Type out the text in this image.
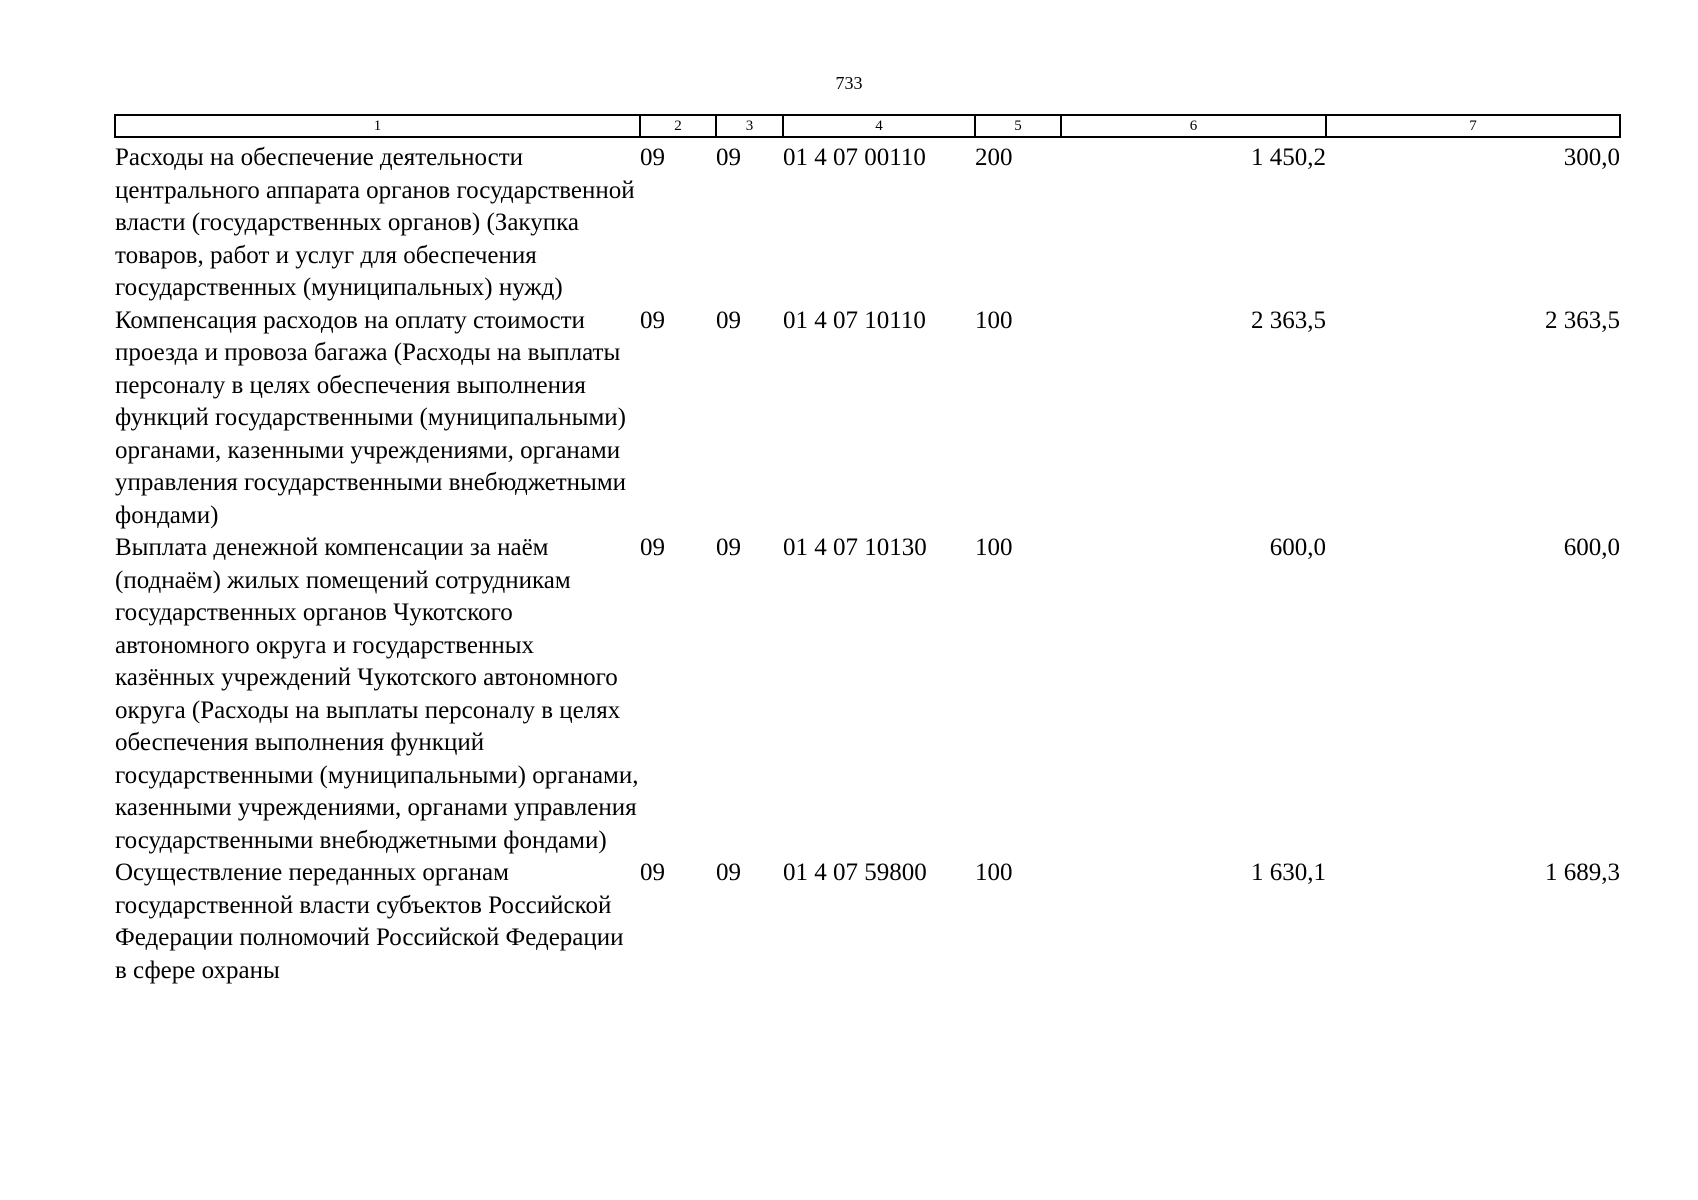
733
1	2	3	4	5	6	7
Расходы на обеспечение деятельности центрального аппарата органов государственной власти (государственных органов) (Закупка товаров, работ и услуг для обеспечения государственных (муниципальных) нужд)	09	09	01 4 07 00110	200	1 450,2	300,0
Компенсация расходов на оплату стоимости проезда и провоза багажа (Расходы на выплаты персоналу в целях обеспечения выполнения функций государственными (муниципальными) органами, казенными учреждениями, органами управления государственными внебюджетными фондами)	09	09	01 4 07 10110	100	2 363,5	2 363,5
Выплата денежной компенсации за наём (поднаём) жилых помещений сотрудникам государственных органов Чукотского автономного округа и государственных казённых учреждений Чукотского автономного округа (Расходы на выплаты персоналу в целях обеспечения выполнения функций государственными (муниципальными) органами, казенными учреждениями, органами управления государственными внебюджетными фондами)	09	09	01 4 07 10130	100	600,0	600,0
Осуществление переданных органам государственной власти субъектов Российской Федерации полномочий Российской Федерации в сфере охраны	09	09	01 4 07 59800	100	1 630,1	1 689,3
